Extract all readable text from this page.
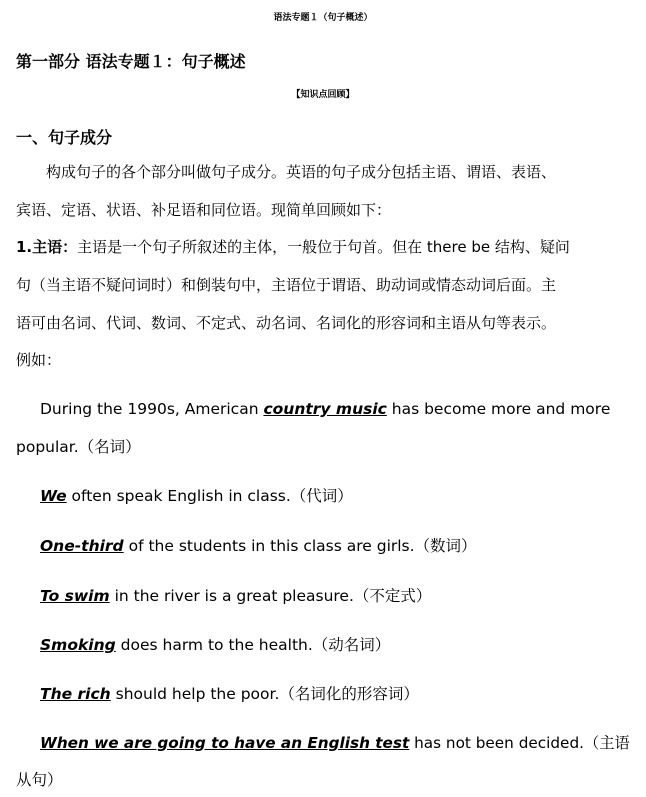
语法专题１（句子概述）
第一部分 语法专题１：句子概述
【知识点回顾】
一、句子成分
构成句子的各个部分叫做句子成分。英语的句子成分包括主语、谓语、表语、
宾语、定语、状语、补足语和同位语。现简单回顾如下：
1.主语：主语是一个句子所叙述的主体，一般位于句首。但在 there be 结构、疑问
句（当主语不疑问词时）和倒装句中，主语位于谓语、助动词或情态动词后面。主
语可由名词、代词、数词、不定式、动名词、名词化的形容词和主语从句等表示。
例如：
During the 1990s, American country music has become more and more
popular.（名词）
We often speak English in class.（代词）
One-third of the students in this class are girls.（数词）
To swim in the river is a great pleasure.（不定式）
Smoking does harm to the health.（动名词）
The rich should help the poor.（名词化的形容词）
When we are going to have an English test has not been decided.（主语
从句）
